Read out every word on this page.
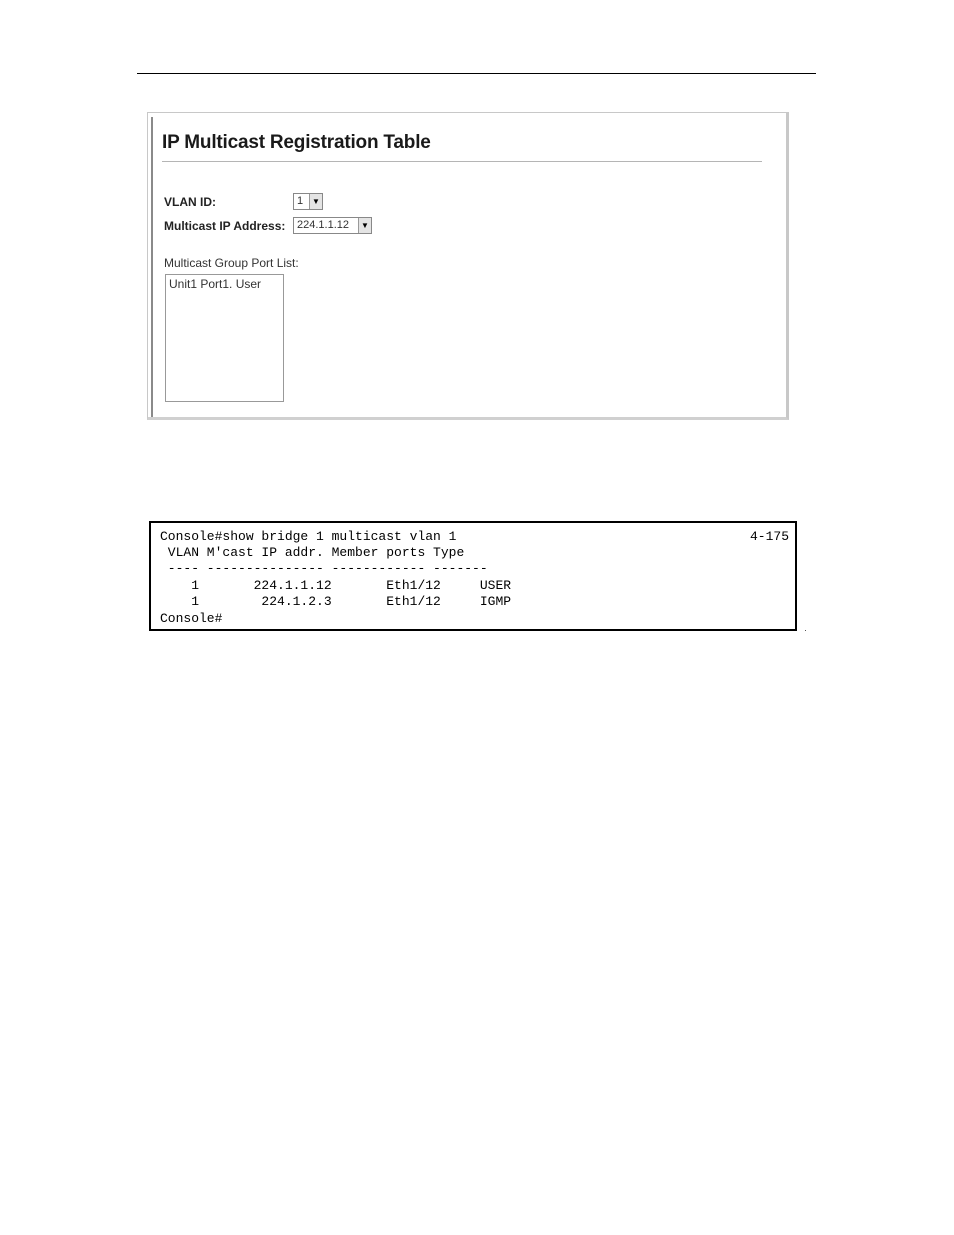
IP Multicast Registration Table
VLAN ID:	1	▼
Multicast IP Address:	224.1.1.12	▼
Multicast Group Port List:
Unit1 Port1. User
Console#show bridge 1 multicast vlan 1
VLAN M'cast IP addr. Member ports Type
---- --------------- ------------ -------
1       224.1.1.12       Eth1/12     USER
1        224.1.2.3       Eth1/12     IGMP
Console#
4-175
